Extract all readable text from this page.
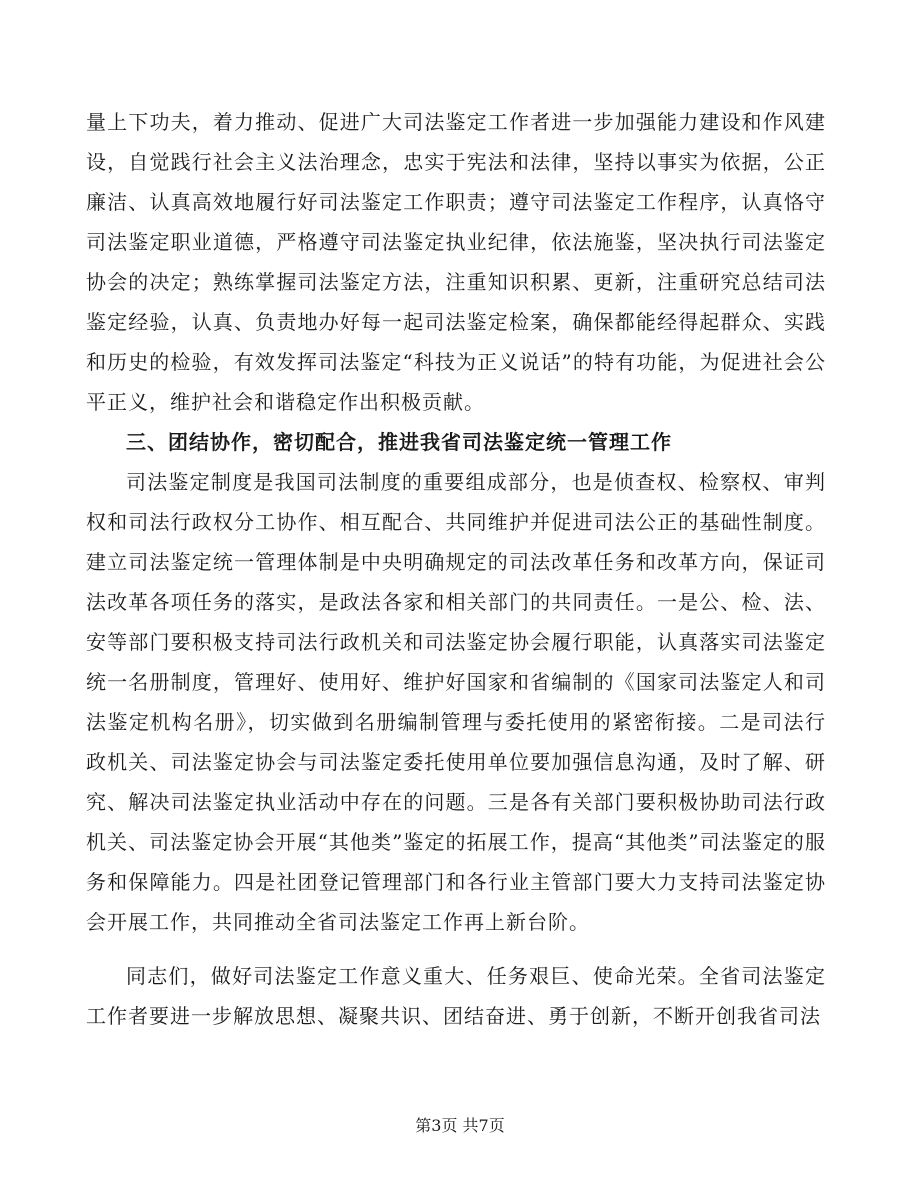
量上下功夫，着力推动、促进广大司法鉴定工作者进一步加强能力建设和作风建设，自觉践行社会主义法治理念，忠实于宪法和法律，坚持以事实为依据，公正廉洁、认真高效地履行好司法鉴定工作职责；遵守司法鉴定工作程序，认真恪守司法鉴定职业道德，严格遵守司法鉴定执业纪律，依法施鉴，坚决执行司法鉴定协会的决定；熟练掌握司法鉴定方法，注重知识积累、更新，注重研究总结司法鉴定经验，认真、负责地办好每一起司法鉴定检案，确保都能经得起群众、实践和历史的检验，有效发挥司法鉴定“科技为正义说话”的特有功能，为促进社会公平正义，维护社会和谐稳定作出积极贡献。

三、团结协作，密切配合，推进我省司法鉴定统一管理工作

司法鉴定制度是我国司法制度的重要组成部分，也是侦查权、检察权、审判权和司法行政权分工协作、相互配合、共同维护并促进司法公正的基础性制度。建立司法鉴定统一管理体制是中央明确规定的司法改革任务和改革方向，保证司法改革各项任务的落实，是政法各家和相关部门的共同责任。一是公、检、法、安等部门要积极支持司法行政机关和司法鉴定协会履行职能，认真落实司法鉴定统一名册制度，管理好、使用好、维护好国家和省编制的《国家司法鉴定人和司法鉴定机构名册》，切实做到名册编制管理与委托使用的紧密衔接。二是司法行政机关、司法鉴定协会与司法鉴定委托使用单位要加强信息沟通，及时了解、研究、解决司法鉴定执业活动中存在的问题。三是各有关部门要积极协助司法行政机关、司法鉴定协会开展“其他类”鉴定的拓展工作，提高“其他类”司法鉴定的服务和保障能力。四是社团登记管理部门和各行业主管部门要大力支持司法鉴定协会开展工作，共同推动全省司法鉴定工作再上新台阶。

同志们，做好司法鉴定工作意义重大、任务艰巨、使命光荣。全省司法鉴定工作者要进一步解放思想、凝聚共识、团结奋进、勇于创新，不断开创我省司法

第3页 共7页
